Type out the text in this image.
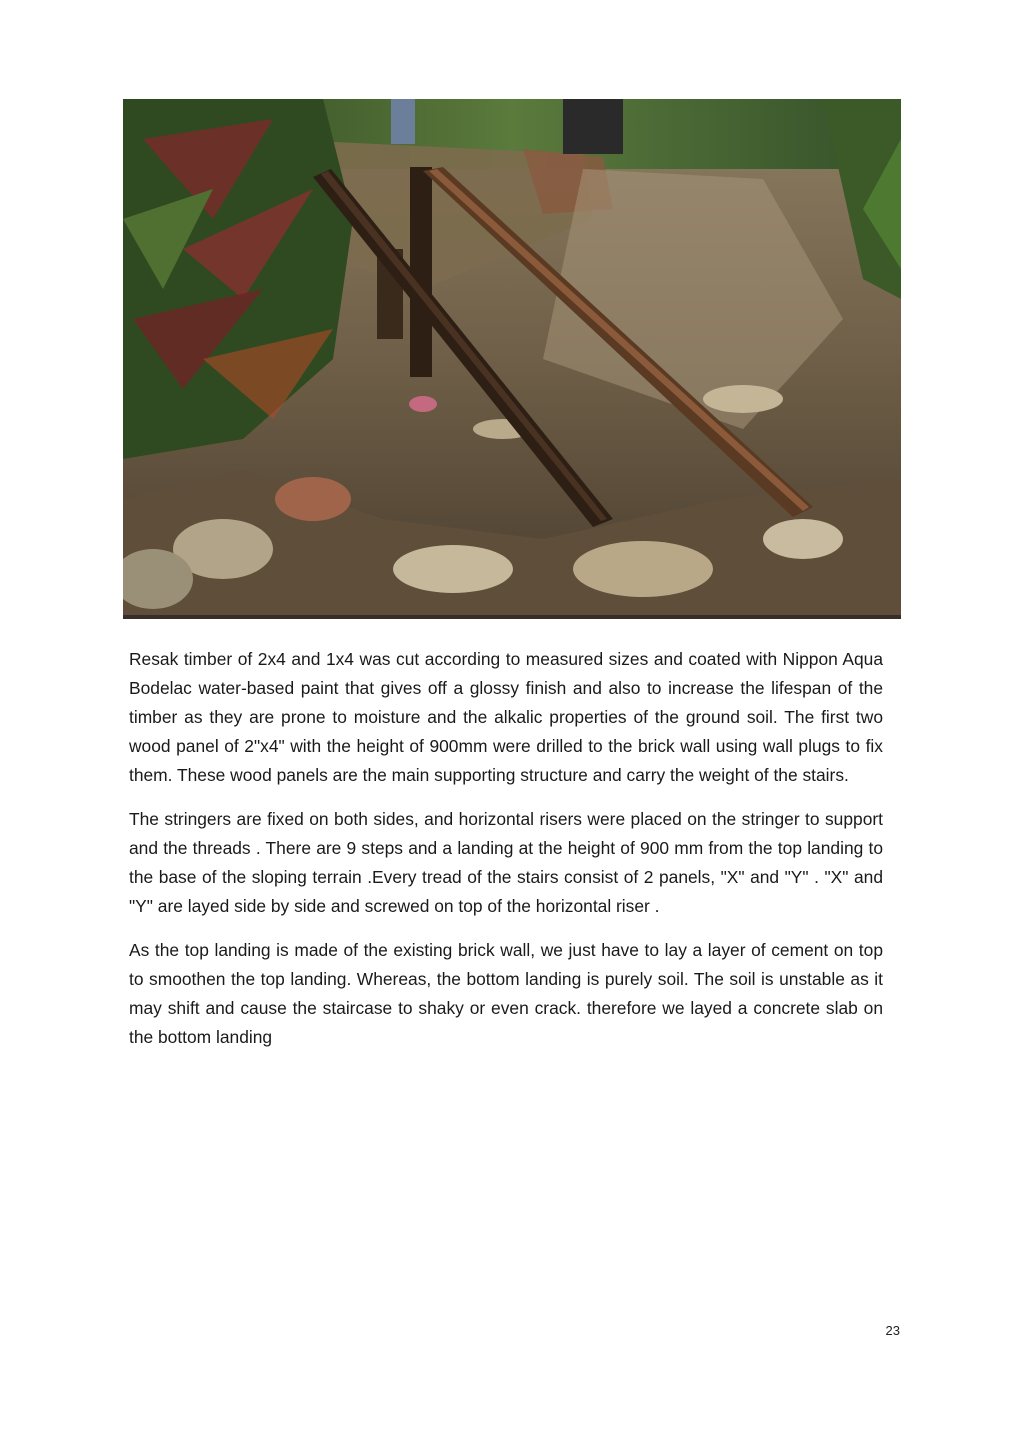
Resak timber of 2x4 and 1x4 was cut according to measured sizes and coated with Nippon Aqua Bodelac water-based paint that gives off a glossy finish and also to increase the lifespan of the timber as they are prone to moisture and the alkalic properties of the ground soil. The first two wood panel of 2"x4" with the height of 900mm were drilled to the brick wall using wall plugs to fix them. These wood panels are the main supporting structure and carry the weight of the stairs.

The stringers are fixed on both sides, and horizontal risers were placed on the stringer to support and the threads . There are 9 steps and a landing at the height of 900 mm from the top landing to the base of the sloping terrain .Every tread of the stairs consist of 2 panels, "X" and "Y" . "X" and "Y" are layed side by side and screwed on top of the horizontal riser .

As the top landing is made of the existing brick wall, we just have to lay a layer of cement on top to smoothen the top landing. Whereas, the bottom landing is purely soil. The soil is unstable as it may shift and cause the staircase to shaky or even crack. therefore we layed a concrete slab on the bottom landing

23
